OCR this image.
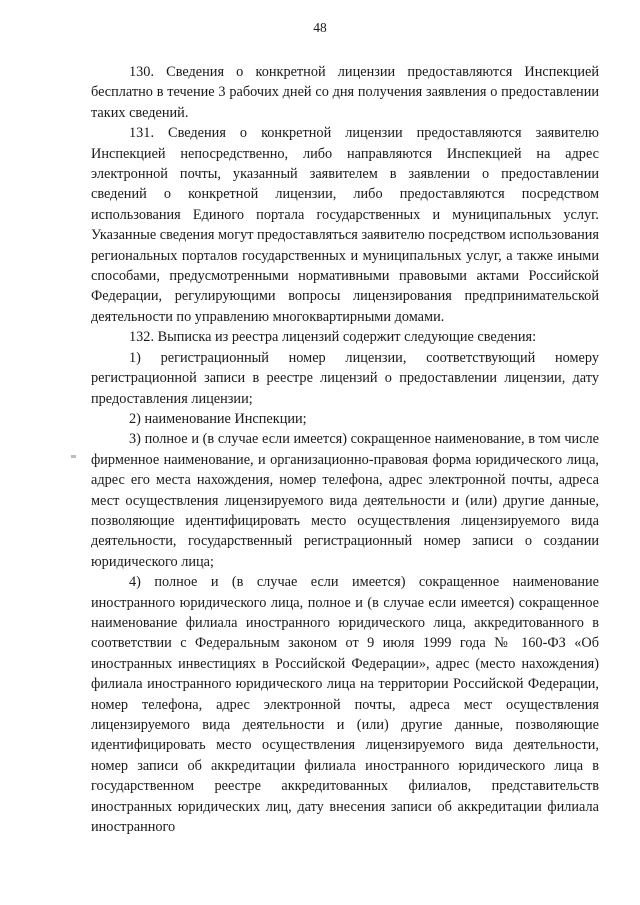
48

130. Сведения о конкретной лицензии предоставляются Инспекцией бесплатно в течение 3 рабочих дней со дня получения заявления о предоставлении таких сведений.

131. Сведения о конкретной лицензии предоставляются заявителю Инспекцией непосредственно, либо направляются Инспекцией на адрес электронной почты, указанный заявителем в заявлении о предоставлении сведений о конкретной лицензии, либо предоставляются посредством использования Единого портала государственных и муниципальных услуг. Указанные сведения могут предоставляться заявителю посредством использования региональных порталов государственных и муниципальных услуг, а также иными способами, предусмотренными нормативными правовыми актами Российской Федерации, регулирующими вопросы лицензирования предпринимательской деятельности по управлению многоквартирными домами.

132. Выписка из реестра лицензий содержит следующие сведения:

1) регистрационный номер лицензии, соответствующий номеру регистрационной записи в реестре лицензий о предоставлении лицензии, дату предоставления лицензии;

2) наименование Инспекции;

3) полное и (в случае если имеется) сокращенное наименование, в том числе фирменное наименование, и организационно-правовая форма юридического лица, адрес его места нахождения, номер телефона, адрес электронной почты, адреса мест осуществления лицензируемого вида деятельности и (или) другие данные, позволяющие идентифицировать место осуществления лицензируемого вида деятельности, государственный регистрационный номер записи о создании юридического лица;

4) полное и (в случае если имеется) сокращенное наименование иностранного юридического лица, полное и (в случае если имеется) сокращенное наименование филиала иностранного юридического лица, аккредитованного в соответствии с Федеральным законом от 9 июля 1999 года № 160-ФЗ «Об иностранных инвестициях в Российской Федерации», адрес (место нахождения) филиала иностранного юридического лица на территории Российской Федерации, номер телефона, адрес электронной почты, адреса мест осуществления лицензируемого вида деятельности и (или) другие данные, позволяющие идентифицировать место осуществления лицензируемого вида деятельности, номер записи об аккредитации филиала иностранного юридического лица в государственном реестре аккредитованных филиалов, представительств иностранных юридических лиц, дату внесения записи об аккредитации филиала иностранного
